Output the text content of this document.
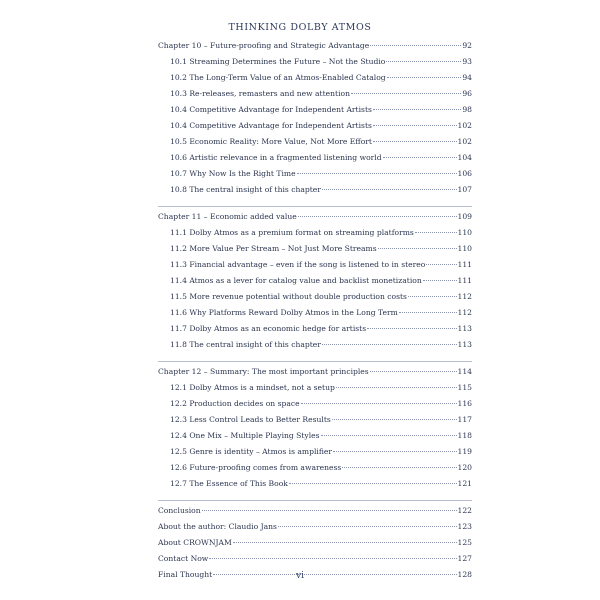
THINKING DOLBY ATMOS
Chapter 10 – Future-proofing and Strategic Advantage	92
10.1 Streaming Determines the Future – Not the Studio	93
10.2 The Long-Term Value of an Atmos-Enabled Catalog	94
10.3 Re-releases, remasters and new attention	96
10.4 Competitive Advantage for Independent Artists	98
10.4 Competitive Advantage for Independent Artists	102
10.5 Economic Reality: More Value, Not More Effort	102
10.6 Artistic relevance in a fragmented listening world	104
10.7 Why Now Is the Right Time	106
10.8 The central insight of this chapter	107
Chapter 11 – Economic added value	109
11.1 Dolby Atmos as a premium format on streaming platforms	110
11.2 More Value Per Stream – Not Just More Streams	110
11.3 Financial advantage – even if the song is listened to in stereo	111
11.4 Atmos as a lever for catalog value and backlist monetization	111
11.5 More revenue potential without double production costs	112
11.6 Why Platforms Reward Dolby Atmos in the Long Term	112
11.7 Dolby Atmos as an economic hedge for artists	113
11.8 The central insight of this chapter	113
Chapter 12 – Summary: The most important principles	114
12.1 Dolby Atmos is a mindset, not a setup	115
12.2 Production decides on space	116
12.3 Less Control Leads to Better Results	117
12.4 One Mix – Multiple Playing Styles	118
12.5 Genre is identity – Atmos is amplifier	119
12.6 Future-proofing comes from awareness	120
12.7 The Essence of This Book	121
Conclusion	122
About the author: Claudio Jans	123
About CROWNJAM	125
Contact Now	127
Final Thought	128
vi
